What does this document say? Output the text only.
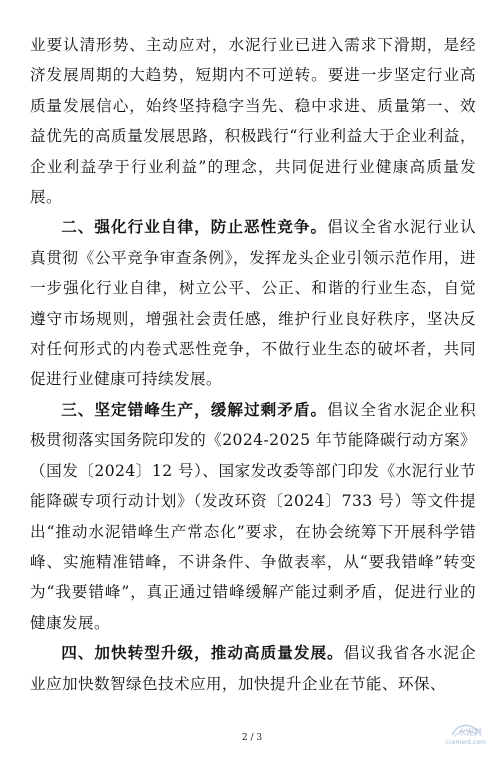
业要认清形势、主动应对，水泥行业已进入需求下滑期，是经济发展周期的大趋势，短期内不可逆转。要进一步坚定行业高质量发展信心，始终坚持稳字当先、稳中求进、质量第一、效益优先的高质量发展思路，积极践行“行业利益大于企业利益，企业利益孕于行业利益”的理念，共同促进行业健康高质量发展。

二、强化行业自律，防止恶性竞争。倡议全省水泥行业认真贯彻《公平竞争审查条例》，发挥龙头企业引领示范作用，进一步强化行业自律，树立公平、公正、和谐的行业生态，自觉遵守市场规则，增强社会责任感，维护行业良好秩序，坚决反对任何形式的内卷式恶性竞争，不做行业生态的破坏者，共同促进行业健康可持续发展。

三、坚定错峰生产，缓解过剩矛盾。倡议全省水泥企业积极贯彻落实国务院印发的《2024-2025 年节能降碳行动方案》（国发〔2024〕12 号）、国家发改委等部门印发《水泥行业节能降碳专项行动计划》（发改环资〔2024〕733 号）等文件提出“推动水泥错峰生产常态化”要求，在协会统筹下开展科学错峰、实施精准错峰，不讲条件、争做表率，从“要我错峰”转变为“我要错峰”，真正通过错峰缓解产能过剩矛盾，促进行业的健康发展。

四、加快转型升级，推动高质量发展。倡议我省各水泥企业应加快数智绿色技术应用，加快提升企业在节能、环保、

2 / 3
水泥网
ccement.com
